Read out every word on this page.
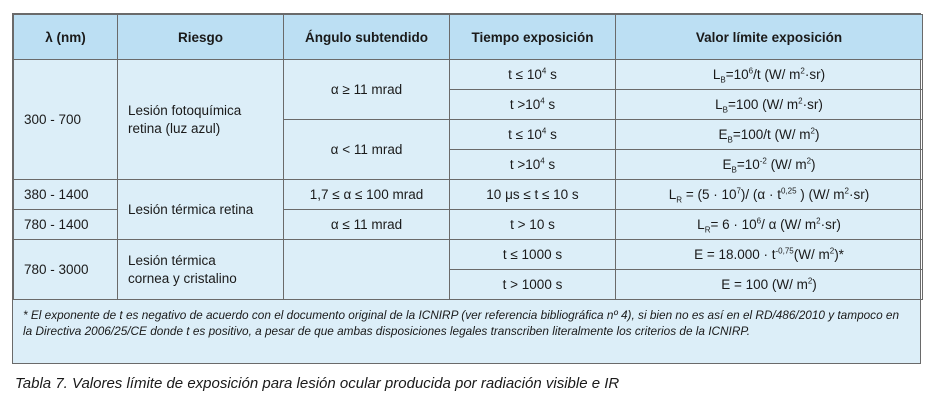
λ (nm)	Riesgo	Ángulo subtendido	Tiempo exposición	Valor límite exposición
300 - 700	Lesión fotoquímica retina (luz azul)	α ≥ 11 mrad	$t \le 10^4$ s	$L_B=10^6/t$ (W/ $m^2\cdot sr$)
			$t >10^4$ s	$L_B=100$ (W/ $m^2\cdot sr$)
		α < 11 mrad	$t \le 10^4$ s	$E_B=100/t$ (W/ $m^2$)
			$t >10^4$ s	$E_B=10^{-2}$ (W/ $m^2$)
380 - 1400	Lesión térmica retina	1,7 ≤ α ≤ 100 mrad	10 μs ≤ t ≤ 10 s	$L_R = (5 \cdot 10^7)/$ ($\alpha \cdot t^{0,25}$ ) (W/ $m^2\cdot sr$)
780 - 1400		α ≤ 11 mrad	t > 10 s	$L_R= 6 \cdot 10^6/$ α (W/ $m^2\cdot sr$)
780 - 3000	Lesión térmica cornea y cristalino		t ≤ 1000 s	$E = 18.000 \cdot t^{-0,75}(W/$ $m^2)*$
			t > 1000 s	E = 100 (W/ $m^2$)
* El exponente de t es negativo de acuerdo con el documento original de la ICNIRP (ver referencia bibliográfica nº 4), si bien no es así en el RD/486/2010 y tampoco en la Directiva 2006/25/CE donde t es positivo, a pesar de que ambas disposiciones legales transcriben literalmente los criterios de la ICNIRP.
Tabla 7. Valores límite de exposición para lesión ocular producida por radiación visible e IR
